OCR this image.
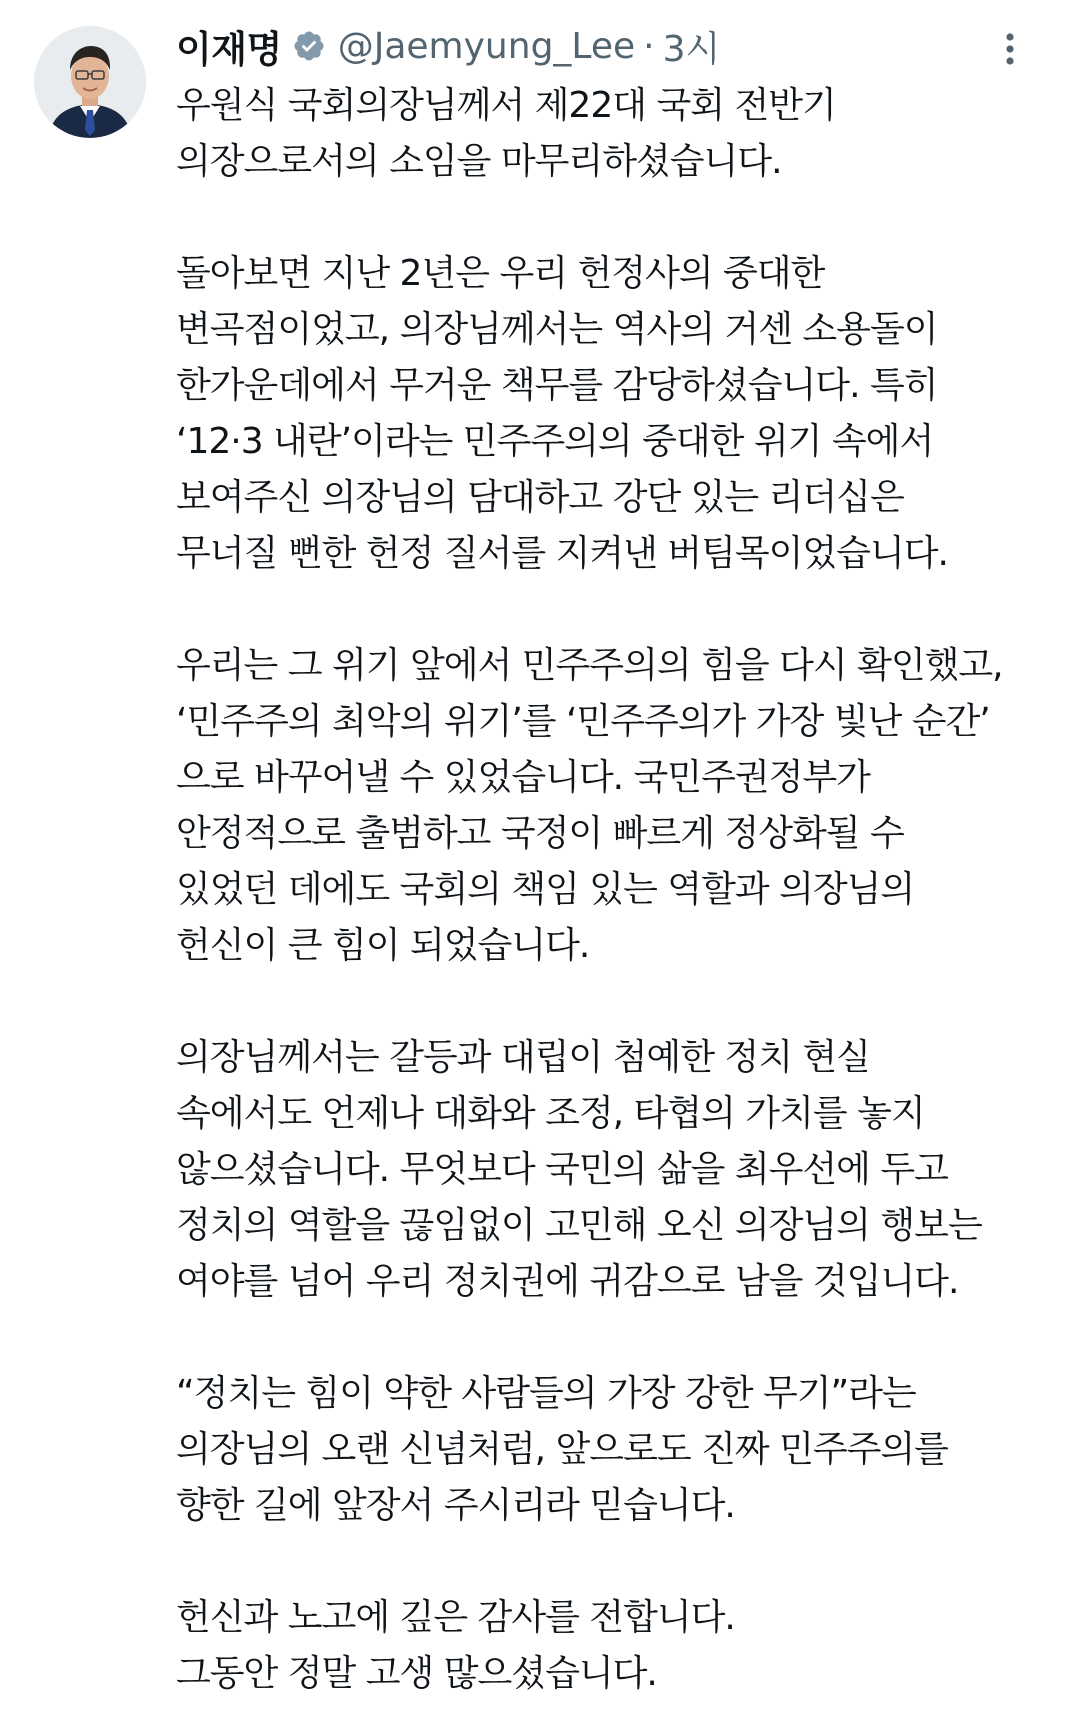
이재명 @Jaemyung_Lee · 3시
우원식 국회의장님께서 제22대 국회 전반기
의장으로서의 소임을 마무리하셨습니다.
돌아보면 지난 2년은 우리 헌정사의 중대한
변곡점이었고, 의장님께서는 역사의 거센 소용돌이
한가운데에서 무거운 책무를 감당하셨습니다. 특히
‘12·3 내란’이라는 민주주의의 중대한 위기 속에서
보여주신 의장님의 담대하고 강단 있는 리더십은
무너질 뻔한 헌정 질서를 지켜낸 버팀목이었습니다.
우리는 그 위기 앞에서 민주주의의 힘을 다시 확인했고,
‘민주주의 최악의 위기’를 ‘민주주의가 가장 빛난 순간’
으로 바꾸어낼 수 있었습니다. 국민주권정부가
안정적으로 출범하고 국정이 빠르게 정상화될 수
있었던 데에도 국회의 책임 있는 역할과 의장님의
헌신이 큰 힘이 되었습니다.
의장님께서는 갈등과 대립이 첨예한 정치 현실
속에서도 언제나 대화와 조정, 타협의 가치를 놓지
않으셨습니다. 무엇보다 국민의 삶을 최우선에 두고
정치의 역할을 끊임없이 고민해 오신 의장님의 행보는
여야를 넘어 우리 정치권에 귀감으로 남을 것입니다.
“정치는 힘이 약한 사람들의 가장 강한 무기”라는
의장님의 오랜 신념처럼, 앞으로도 진짜 민주주의를
향한 길에 앞장서 주시리라 믿습니다.
헌신과 노고에 깊은 감사를 전합니다.
그동안 정말 고생 많으셨습니다.
